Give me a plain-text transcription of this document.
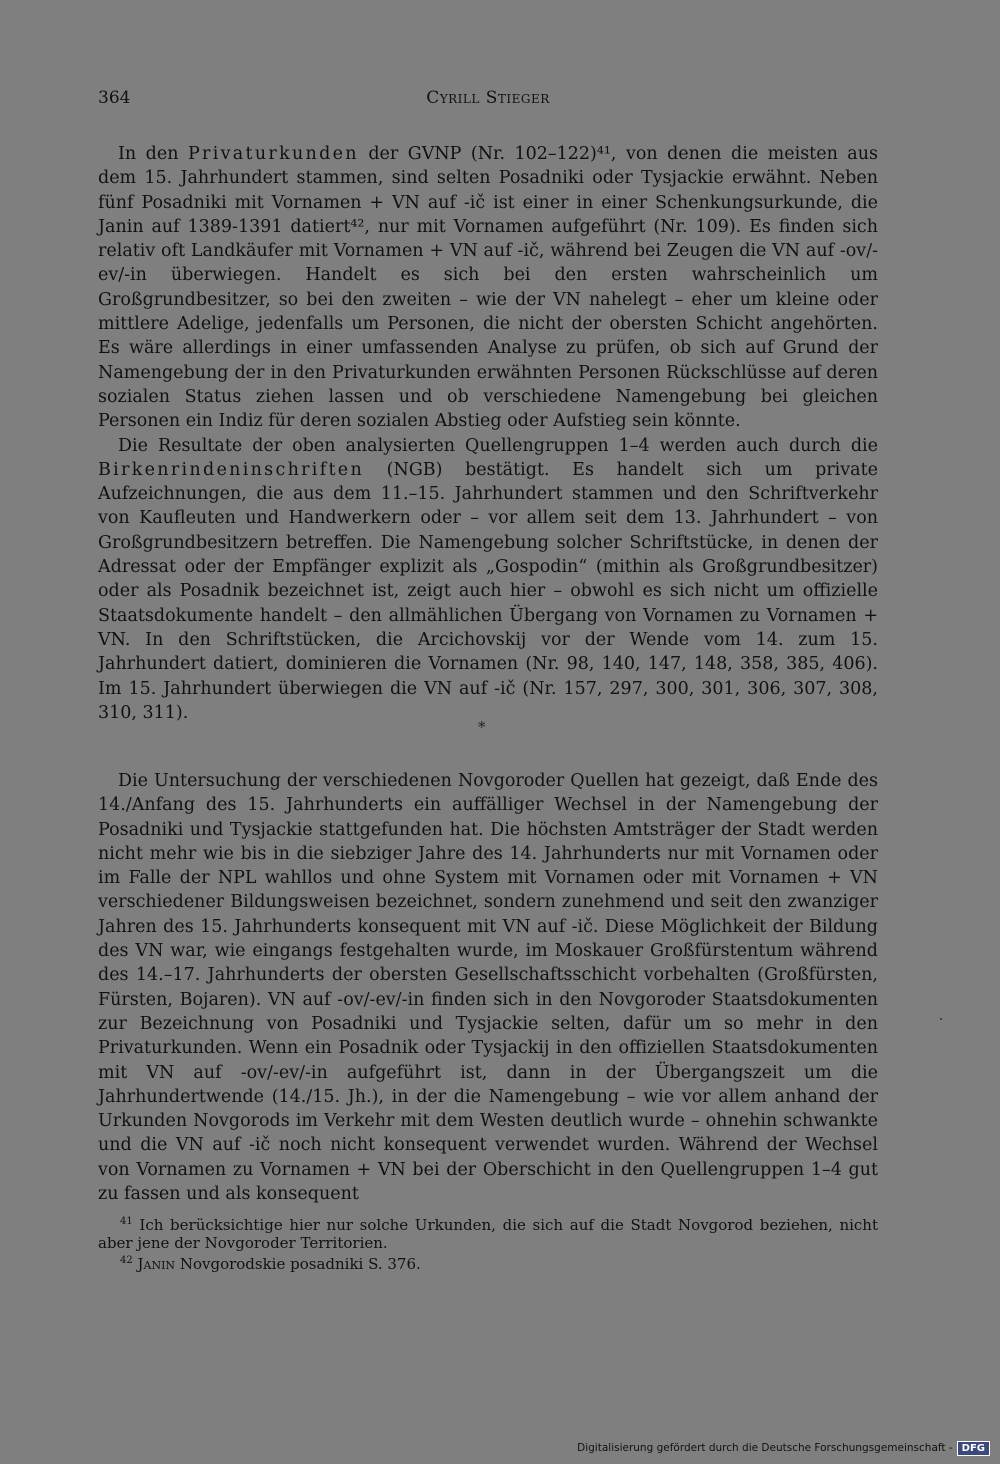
364	Cyrill Stieger

In den Privaturkunden der GVNP (Nr. 102–122)⁴¹, von denen die meisten aus dem 15. Jahrhundert stammen, sind selten Posadniki oder Tysjackie erwähnt. Neben fünf Posadniki mit Vornamen + VN auf -ič ist einer in einer Schenkungsurkunde, die Janin auf 1389-1391 datiert⁴², nur mit Vornamen aufgeführt (Nr. 109). Es finden sich relativ oft Landkäufer mit Vornamen + VN auf -ič, während bei Zeugen die VN auf -ov/-ev/-in überwiegen. Handelt es sich bei den ersten wahrscheinlich um Großgrundbesitzer, so bei den zweiten – wie der VN nahelegt – eher um kleine oder mittlere Adelige, jedenfalls um Personen, die nicht der obersten Schicht angehörten. Es wäre allerdings in einer umfassenden Analyse zu prüfen, ob sich auf Grund der Namengebung der in den Privaturkunden erwähnten Personen Rückschlüsse auf deren sozialen Status ziehen lassen und ob verschiedene Namengebung bei gleichen Personen ein Indiz für deren sozialen Abstieg oder Aufstieg sein könnte.

Die Resultate der oben analysierten Quellengruppen 1–4 werden auch durch die Birkenrindeninschriften (NGB) bestätigt. Es handelt sich um private Aufzeichnungen, die aus dem 11.–15. Jahrhundert stammen und den Schriftverkehr von Kaufleuten und Handwerkern oder – vor allem seit dem 13. Jahrhundert – von Großgrundbesitzern betreffen. Die Namengebung solcher Schriftstücke, in denen der Adressat oder der Empfänger explizit als „Gospodin“ (mithin als Großgrundbesitzer) oder als Posadnik bezeichnet ist, zeigt auch hier – obwohl es sich nicht um offizielle Staatsdokumente handelt – den allmählichen Übergang von Vornamen zu Vornamen + VN. In den Schriftstücken, die Arcichovskij vor der Wende vom 14. zum 15. Jahrhundert datiert, dominieren die Vornamen (Nr. 98, 140, 147, 148, 358, 385, 406). Im 15. Jahrhundert überwiegen die VN auf -ič (Nr. 157, 297, 300, 301, 306, 307, 308, 310, 311).

*

Die Untersuchung der verschiedenen Novgoroder Quellen hat gezeigt, daß Ende des 14./Anfang des 15. Jahrhunderts ein auffälliger Wechsel in der Namengebung der Posadniki und Tysjackie stattgefunden hat. Die höchsten Amtsträger der Stadt werden nicht mehr wie bis in die siebziger Jahre des 14. Jahrhunderts nur mit Vornamen oder im Falle der NPL wahllos und ohne System mit Vornamen oder mit Vornamen + VN verschiedener Bildungsweisen bezeichnet, sondern zunehmend und seit den zwanziger Jahren des 15. Jahrhunderts konsequent mit VN auf -ič. Diese Möglichkeit der Bildung des VN war, wie eingangs festgehalten wurde, im Moskauer Großfürstentum während des 14.–17. Jahrhunderts der obersten Gesellschaftsschicht vorbehalten (Großfürsten, Fürsten, Bojaren). VN auf -ov/-ev/-in finden sich in den Novgoroder Staatsdokumenten zur Bezeichnung von Posadniki und Tysjackie selten, dafür um so mehr in den Privaturkunden. Wenn ein Posadnik oder Tysjackij in den offiziellen Staatsdokumenten mit VN auf -ov/-ev/-in aufgeführt ist, dann in der Übergangszeit um die Jahrhundertwende (14./15. Jh.), in der die Namengebung – wie vor allem anhand der Urkunden Novgorods im Verkehr mit dem Westen deutlich wurde – ohnehin schwankte und die VN auf -ič noch nicht konsequent verwendet wurden. Während der Wechsel von Vornamen zu Vornamen + VN bei der Oberschicht in den Quellengruppen 1–4 gut zu fassen und als konsequent

$^{41}$ Ich berücksichtige hier nur solche Urkunden, die sich auf die Stadt Novgorod beziehen, nicht aber jene der Novgoroder Territorien.

$^{42}$ Janin Novgorodskie posadniki S. 376.

Digitalisierung gefördert durch die Deutsche Forschungsgemeinschaft - DFG
